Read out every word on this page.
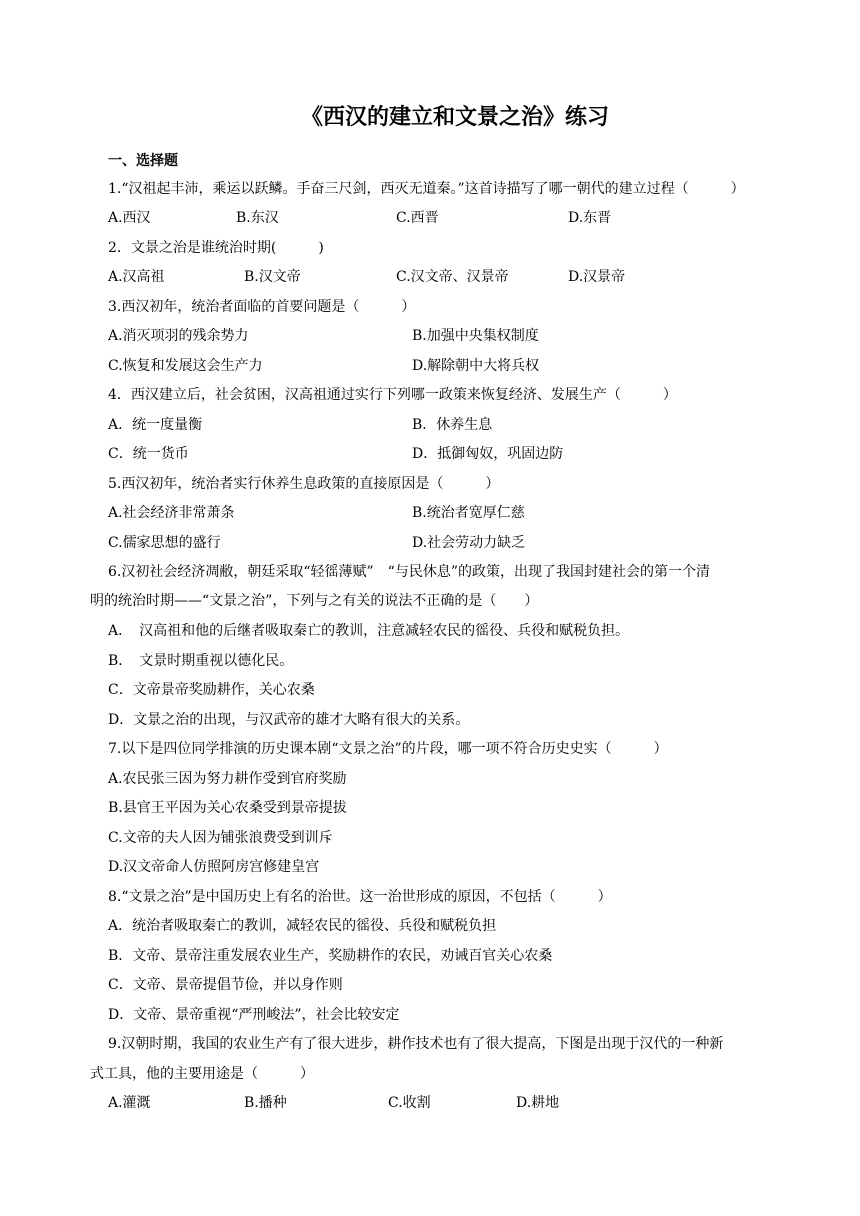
《西汉的建立和文景之治》练习
一、选择题
1.“汉祖起丰沛，乘运以跃鳞。手奋三尺剑，西灭无道秦。”这首诗描写了哪一朝代的建立过程（　　　）
A.西汉	B.东汉	C.西晋	D.东晋
2．文景之治是谁统治时期(　　　)
A.汉高祖	B.汉文帝	C.汉文帝、汉景帝	D.汉景帝
3.西汉初年，统治者面临的首要问题是（　　　）
A.消灭项羽的残余势力	B.加强中央集权制度
C.恢复和发展这会生产力	D.解除朝中大将兵权
4．西汉建立后，社会贫困，汉高祖通过实行下列哪一政策来恢复经济、发展生产（　　　）
A．统一度量衡	B．休养生息
C．统一货币	D．抵御匈奴，巩固边防
5.西汉初年，统治者实行休养生息政策的直接原因是（　　　）
A.社会经济非常萧条	B.统治者宽厚仁慈
C.儒家思想的盛行	D.社会劳动力缺乏
6.汉初社会经济凋敝，朝廷采取“轻徭薄赋”　“与民休息”的政策，出现了我国封建社会的第一个清
明的统治时期——“文景之治”，下列与之有关的说法不正确的是（　　）
A．　汉高祖和他的后继者吸取秦亡的教训，注意减轻农民的徭役、兵役和赋税负担。
B．　文景时期重视以德化民。
C．文帝景帝奖励耕作，关心农桑
D．文景之治的出现，与汉武帝的雄才大略有很大的关系。
7.以下是四位同学排演的历史课本剧“文景之治”的片段，哪一项不符合历史史实（　　　）
A.农民张三因为努力耕作受到官府奖励
B.县官王平因为关心农桑受到景帝提拔
C.文帝的夫人因为铺张浪费受到训斥
D.汉文帝命人仿照阿房宫修建皇宫
8.“文景之治”是中国历史上有名的治世。这一治世形成的原因，不包括（　　　）
A．统治者吸取秦亡的教训，减轻农民的徭役、兵役和赋税负担
B．文帝、景帝注重发展农业生产，奖励耕作的农民，劝诫百官关心农桑
C．文帝、景帝提倡节俭，并以身作则
D．文帝、景帝重视“严刑峻法”，社会比较安定
9.汉朝时期，我国的农业生产有了很大进步，耕作技术也有了很大提高，下图是出现于汉代的一种新
式工具，他的主要用途是（　　　）
A.灌溉	B.播种	C.收割	D.耕地
